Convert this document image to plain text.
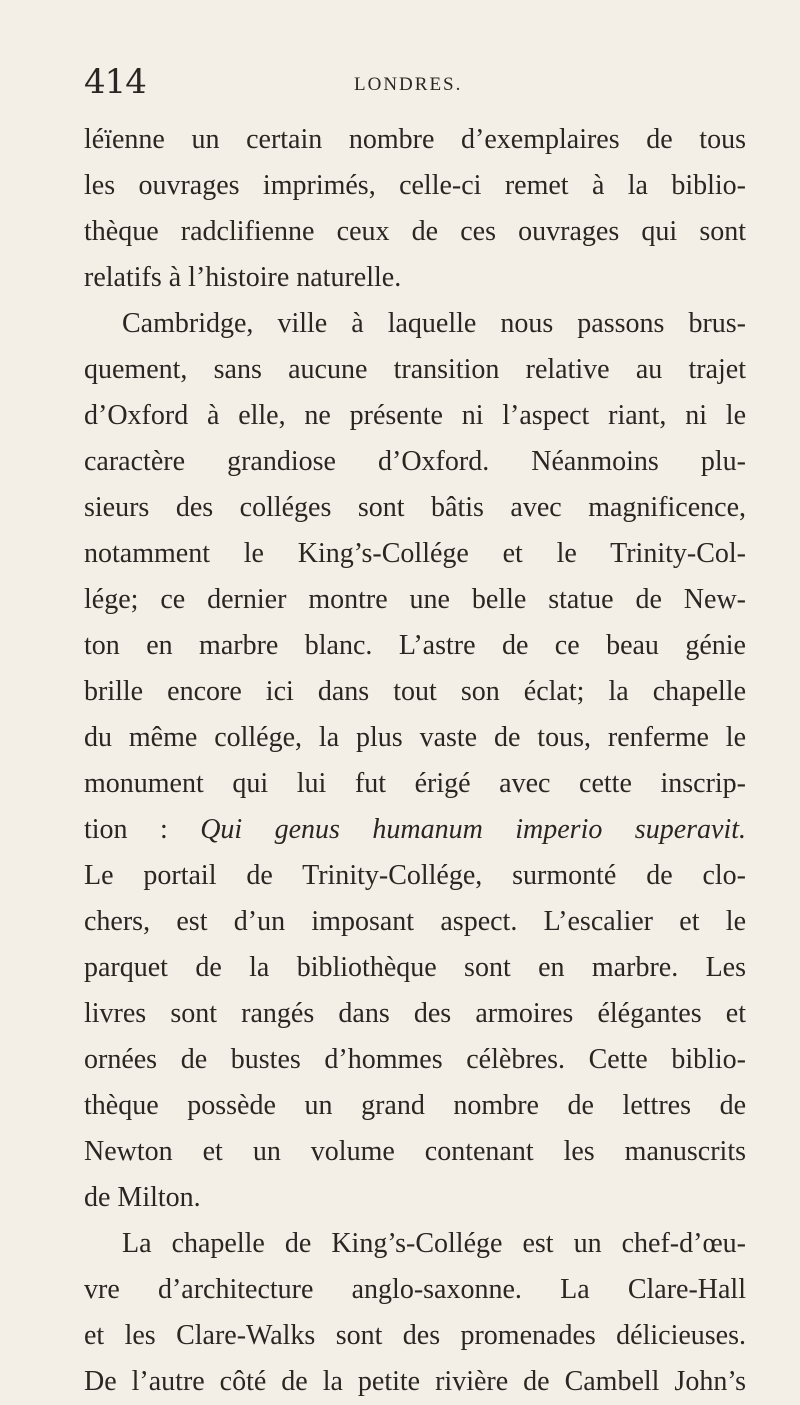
414	LONDRES.
léïenne un certain nombre d’exemplaires de tous
les ouvrages imprimés, celle-ci remet à la biblio-
thèque radclifienne ceux de ces ouvrages qui sont
relatifs à l’histoire naturelle.
Cambridge, ville à laquelle nous passons brus-
quement, sans aucune transition relative au trajet
d’Oxford à elle, ne présente ni l’aspect riant, ni le
caractère grandiose d’Oxford. Néanmoins plu-
sieurs des colléges sont bâtis avec magnificence,
notamment le King’s-Collége et le Trinity-Col-
lége; ce dernier montre une belle statue de New-
ton en marbre blanc. L’astre de ce beau génie
brille encore ici dans tout son éclat; la chapelle
du même collége, la plus vaste de tous, renferme le
monument qui lui fut érigé avec cette inscrip-
tion : Qui genus humanum imperio superavit.
Le portail de Trinity-Collége, surmonté de clo-
chers, est d’un imposant aspect. L’escalier et le
parquet de la bibliothèque sont en marbre. Les
livres sont rangés dans des armoires élégantes et
ornées de bustes d’hommes célèbres. Cette biblio-
thèque possède un grand nombre de lettres de
Newton et un volume contenant les manuscrits
de Milton.
La chapelle de King’s-Collége est un chef-d’œu-
vre d’architecture anglo-saxonne. La Clare-Hall
et les Clare-Walks sont des promenades délicieuses.
De l’autre côté de la petite rivière de Cambell John’s
